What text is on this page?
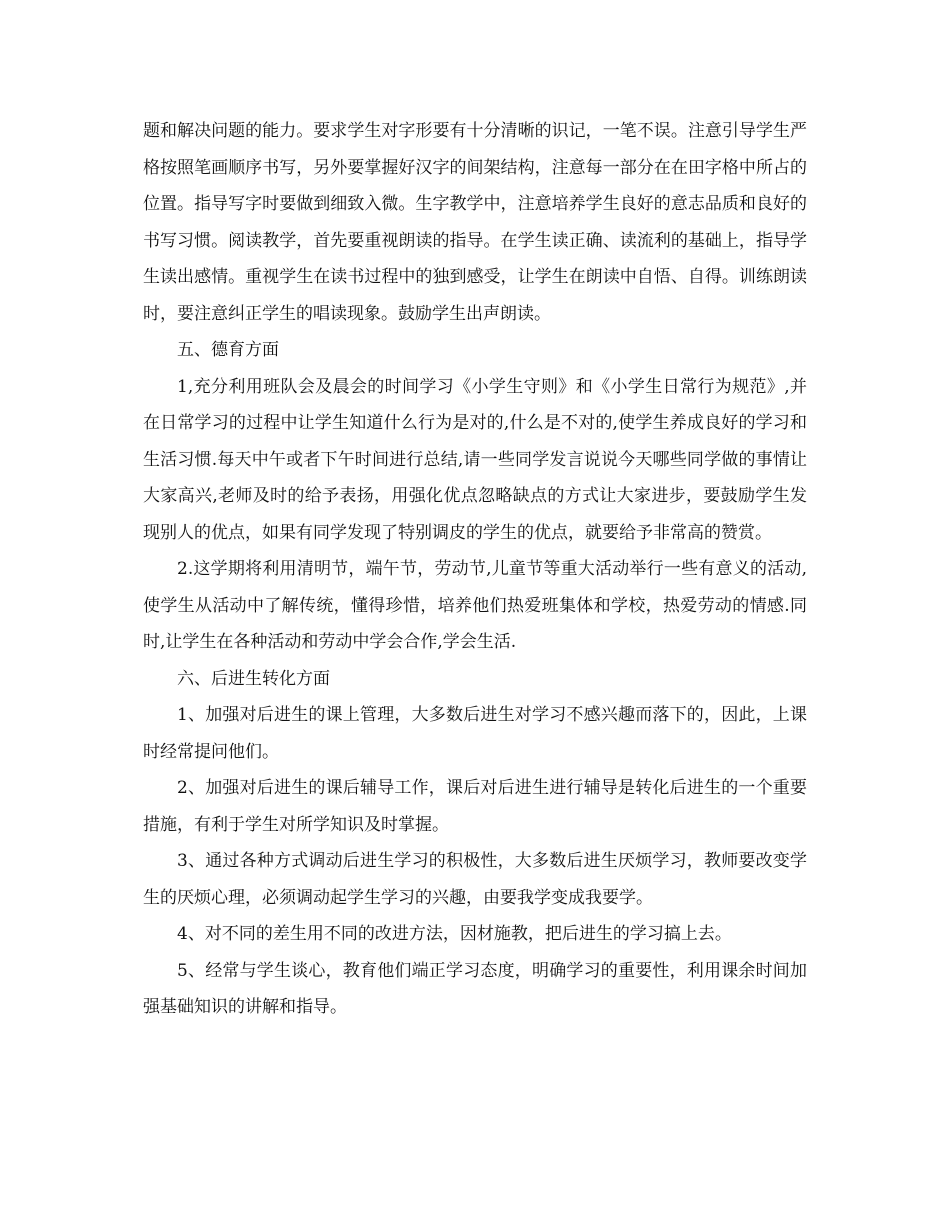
题和解决问题的能力。要求学生对字形要有十分清晰的识记，一笔不误。注意引导学生严格按照笔画顺序书写，另外要掌握好汉字的间架结构，注意每一部分在在田字格中所占的位置。指导写字时要做到细致入微。生字教学中，注意培养学生良好的意志品质和良好的书写习惯。阅读教学，首先要重视朗读的指导。在学生读正确、读流利的基础上，指导学生读出感情。重视学生在读书过程中的独到感受，让学生在朗读中自悟、自得。训练朗读时，要注意纠正学生的唱读现象。鼓励学生出声朗读。

五、德育方面

1,充分利用班队会及晨会的时间学习《小学生守则》和《小学生日常行为规范》,并在日常学习的过程中让学生知道什么行为是对的,什么是不对的,使学生养成良好的学习和生活习惯.每天中午或者下午时间进行总结,请一些同学发言说说今天哪些同学做的事情让大家高兴,老师及时的给予表扬，用强化优点忽略缺点的方式让大家进步，要鼓励学生发现别人的优点，如果有同学发现了特别调皮的学生的优点，就要给予非常高的赞赏。

2.这学期将利用清明节，端午节，劳动节,儿童节等重大活动举行一些有意义的活动,使学生从活动中了解传统，懂得珍惜，培养他们热爱班集体和学校，热爱劳动的情感.同时,让学生在各种活动和劳动中学会合作,学会生活.

六、后进生转化方面

1、加强对后进生的课上管理，大多数后进生对学习不感兴趣而落下的，因此，上课时经常提问他们。

2、加强对后进生的课后辅导工作，课后对后进生进行辅导是转化后进生的一个重要措施，有利于学生对所学知识及时掌握。

3、通过各种方式调动后进生学习的积极性，大多数后进生厌烦学习，教师要改变学生的厌烦心理，必须调动起学生学习的兴趣，由要我学变成我要学。

4、对不同的差生用不同的改进方法，因材施教，把后进生的学习搞上去。

5、经常与学生谈心，教育他们端正学习态度，明确学习的重要性，利用课余时间加强基础知识的讲解和指导。
